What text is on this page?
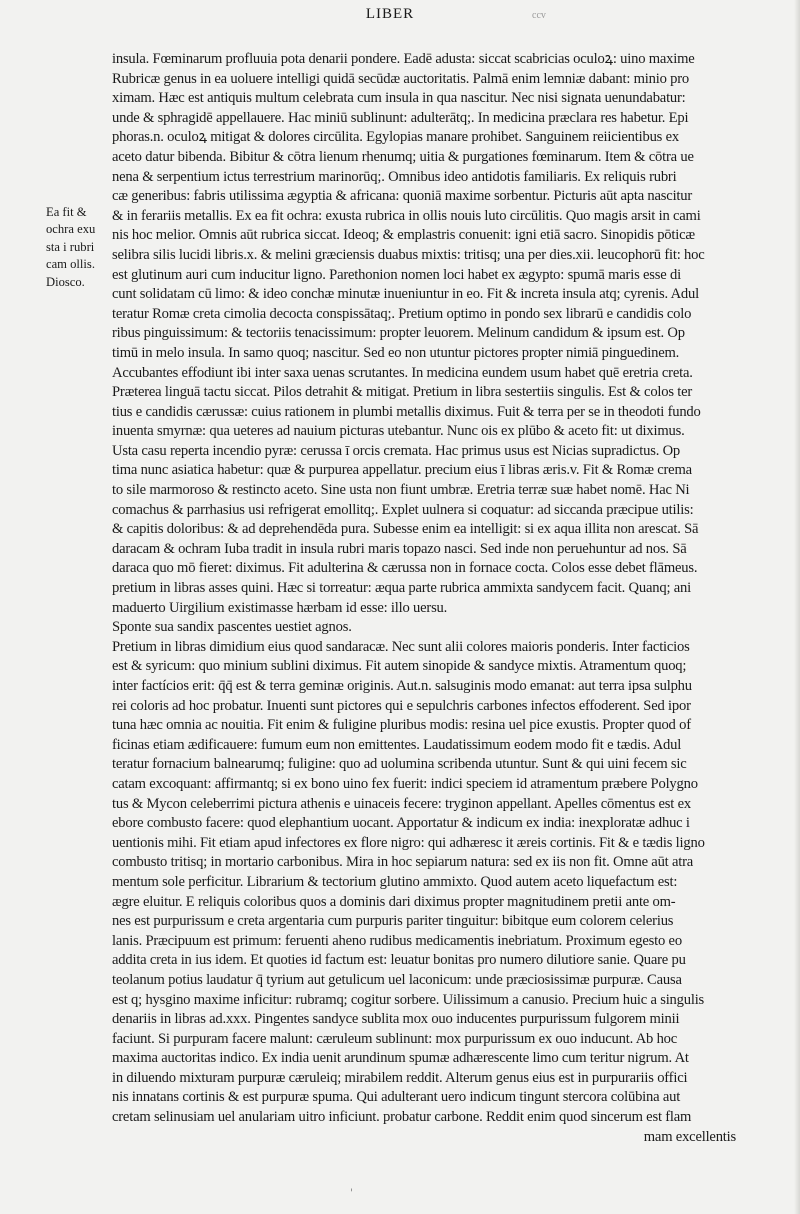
LIBER	ccv
Ea fit &
ochra exu
sta i rubri
cam ollis.
Diosco.
insula. Fœminarum profluuia pota denarii pondere. Eadē adusta: siccat scabricias oculoꝝ: uino maxime
Rubricæ genus in ea uoluere intelligi quidā secūdæ auctoritatis. Palmā enim lemniæ dabant: minio pro
ximam. Hæc est antiquis multum celebrata cum insula in qua nascitur. Nec nisi signata uenundabatur:
unde & sphragidē appellauere. Hac miniū sublinunt: adulterātq;. In medicina præclara res habetur. Epi
phoras.n. oculoꝝ mitigat & dolores circūlita. Egylopias manare prohibet. Sanguinem reiicientibus ex
aceto datur bibenda. Bibitur & cōtra lienum rhenumq; uitia & purgationes fœminarum. Item & cōtra ue
nena & serpentium ictus terrestrium marinorūq;. Omnibus ideo antidotis familiaris. Ex reliquis rubri
cæ generibus: fabris utilissima ægyptia & africana: quoniā maxime sorbentur. Picturis aūt apta nascitur
& in ferariis metallis. Ex ea fit ochra: exusta rubrica in ollis nouis luto circūlitis. Quo magis arsit in cami
nis hoc melior. Omnis aūt rubrica siccat. Ideoq; & emplastris conuenit: igni etiā sacro. Sinopidis pōticæ
selibra silis lucidi libris.x. & melini græciensis duabus mixtis: tritisq; una per dies.xii. leucophorū fit: hoc
est glutinum auri cum inducitur ligno. Parethonion nomen loci habet ex ægypto: spumā maris esse di
cunt solidatam cū limo: & ideo conchæ minutæ inueniuntur in eo. Fit & increta insula atq; cyrenis. Adul
teratur Romæ creta cimolia decocta conspissātaq;. Pretium optimo in pondo sex librarū e candidis colo
ribus pinguissimum: & tectoriis tenacissimum: propter leuorem. Melinum candidum & ipsum est. Op
timū in melo insula. In samo quoq; nascitur. Sed eo non utuntur pictores propter nimiā pinguedinem.
Accubantes effodiunt ibi inter saxa uenas scrutantes. In medicina eundem usum habet quē eretria creta.
Præterea linguā tactu siccat. Pilos detrahit & mitigat. Pretium in libra sestertiis singulis. Est & colos ter
tius e candidis cærussæ: cuius rationem in plumbi metallis diximus. Fuit & terra per se in theodoti fundo
inuenta smyrnæ: qua ueteres ad nauium picturas utebantur. Nunc ois ex plūbo & aceto fit: ut diximus.
Usta casu reperta incendio pyræ: cerussa ī orcis cremata. Hac primus usus est Nicias supradictus. Op
tima nunc asiatica habetur: quæ & purpurea appellatur. precium eius ī libras æris.v. Fit & Romæ crema
to sile marmoroso & restincto aceto. Sine usta non fiunt umbræ. Eretria terræ suæ habet nomē. Hac Ni
comachus & parrhasius usi refrigerat emollitq;. Explet uulnera si coquatur: ad siccanda præcipue utilis:
& capitis doloribus: & ad deprehendēda pura. Subesse enim ea intelligit: si ex aqua illita non arescat. Sā
daracam & ochram Iuba tradit in insula rubri maris topazo nasci. Sed inde non peruehuntur ad nos. Sā
daraca quo mō fieret: diximus. Fit adulterina & cærussa non in fornace cocta. Colos esse debet flāmeus.
pretium in libras asses quini. Hæc si torreatur: æqua parte rubrica ammixta sandycem facit. Quanq; ani
maduerto Uirgilium existimasse hærbam id esse: illo uersu.
Sponte sua sandix pascentes uestiet agnos.
Pretium in libras dimidium eius quod sandaracæ. Nec sunt alii colores maioris ponderis. Inter facticios
est & syricum: quo minium sublini diximus. Fit autem sinopide & sandyce mixtis. Atramentum quoq;
inter factícios erit: q̄q̄ est & terra geminæ originis. Aut.n. salsuginis modo emanat: aut terra ipsa sulphu
rei coloris ad hoc probatur. Inuenti sunt pictores qui e sepulchris carbones infectos effoderent. Sed ipor
tuna hæc omnia ac nouitia. Fit enim & fuligine pluribus modis: resina uel pice exustis. Propter quod of
ficinas etiam ædificauere: fumum eum non emittentes. Laudatissimum eodem modo fit e tædis. Adul
teratur fornacium balnearumq; fuligine: quo ad uolumina scribenda utuntur. Sunt & qui uini fecem sic
catam excoquant: affirmantq; si ex bono uino fex fuerit: indici speciem id atramentum præbere Polygno
tus & Mycon celeberrimi pictura athenis e uinaceis fecere: tryginon appellant. Apelles cōmentus est ex
ebore combusto facere: quod elephantium uocant. Apportatur & indicum ex india: inexploratæ adhuc i
uentionis mihi. Fit etiam apud infectores ex flore nigro: qui adhæresc it æreis cortinis. Fit & e tædis ligno
combusto tritisq; in mortario carbonibus. Mira in hoc sepiarum natura: sed ex iis non fit. Omne aūt atra
mentum sole perficitur. Librarium & tectorium glutino ammixto. Quod autem aceto liquefactum est:
ægre eluitur. E reliquis coloribus quos a dominis dari diximus propter magnitudinem pretii ante om-
nes est purpurissum e creta argentaria cum purpuris pariter tinguitur: bibitque eum colorem celerius
lanis. Præcipuum est primum: feruenti aheno rudibus medicamentis inebriatum. Proximum egesto eo
addita creta in ius idem. Et quoties id factum est: leuatur bonitas pro numero dilutiore sanie. Quare pu
teolanum potius laudatur q̄ tyrium aut getulicum uel laconicum: unde præciosissimæ purpuræ. Causa
est q; hysgino maxime inficitur: rubramq; cogitur sorbere. Uilissimum a canusio. Precium huic a singulis
denariis in libras ad.xxx. Pingentes sandyce sublita mox ouo inducentes purpurissum fulgorem minii
faciunt. Si purpuram facere malunt: cæruleum sublinunt: mox purpurissum ex ouo inducunt. Ab hoc
maxima auctoritas indico. Ex india uenit arundinum spumæ adhærescente limo cum teritur nigrum. At
in diluendo mixturam purpuræ cæruleiq; mirabilem reddit. Alterum genus eius est in purpurariis offici
nis innatans cortinis & est purpuræ spuma. Qui adulterant uero indicum tingunt stercora colūbina aut
cretam selinusiam uel anulariam uitro inficiunt. probatur carbone. Reddit enim quod sincerum est flam
mam excellentis
'
